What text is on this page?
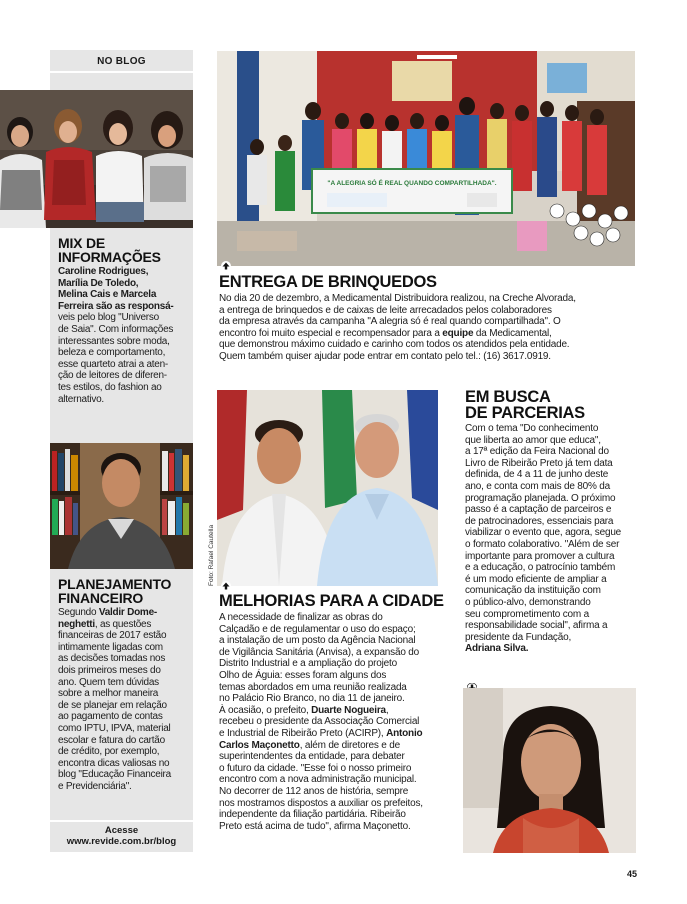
NO BLOG
MIX DE INFORMAÇÕES
Caroline Rodrigues,
Marília De Toledo,
Melina Cais e Marcela
Ferreira são as responsá-
veis pelo blog "Universo
de Saia". Com informações
interessantes sobre moda,
beleza e comportamento,
esse quarteto atrai a aten-
ção de leitores de diferen-
tes estilos, do fashion ao
alternativo.
PLANEJAMENTO FINANCEIRO
Segundo Valdir Dome-
neghetti, as questões
financeiras de 2017 estão
intimamente ligadas com
as decisões tomadas nos
dois primeiros meses do
ano. Quem tem dúvidas
sobre a melhor maneira
de se planejar em relação
ao pagamento de contas
como IPTU, IPVA, material
escolar e fatura do cartão
de crédito, por exemplo,
encontra dicas valiosas no
blog "Educação Financeira
e Previdenciária".
Acesse
www.revide.com.br/blog
"A ALEGRIA SÓ É REAL QUANDO COMPARTILHADA".
ENTREGA DE BRINQUEDOS
No dia 20 de dezembro, a Medicamental Distribuidora realizou, na Creche Alvorada,
a entrega de brinquedos e de caixas de leite arrecadados pelos colaboradores
da empresa através da campanha "A alegria só é real quando compartilhada". O
encontro foi muito especial e recompensador para a equipe da Medicamental,
que demonstrou máximo cuidado e carinho com todos os atendidos pela entidade.
Quem também quiser ajudar pode entrar em contato pelo tel.: (16) 3617.0919.
Foto: Rafael Cautella
MELHORIAS PARA A CIDADE
A necessidade de finalizar as obras do
Calçadão e de regulamentar o uso do espaço;
a instalação de um posto da Agência Nacional
de Vigilância Sanitária (Anvisa), a expansão do
Distrito Industrial e a ampliação do projeto
Olho de Águia: esses foram alguns dos
temas abordados em uma reunião realizada
no Palácio Rio Branco, no dia 11 de janeiro.
À ocasião, o prefeito, Duarte Nogueira,
recebeu o presidente da Associação Comercial
e Industrial de Ribeirão Preto (ACIRP), Antonio
Carlos Maçonetto, além de diretores e de
superintendentes da entidade, para debater
o futuro da cidade. "Esse foi o nosso primeiro
encontro com a nova administração municipal.
No decorrer de 112 anos de história, sempre
nos mostramos dispostos a auxiliar os prefeitos,
independente da filiação partidária. Ribeirão
Preto está acima de tudo", afirma Maçonetto.
EM BUSCA
DE PARCERIAS
Com o tema "Do conhecimento
que liberta ao amor que educa",
a 17ª edição da Feira Nacional do
Livro de Ribeirão Preto já tem data
definida, de 4 a 11 de junho deste
ano, e conta com mais de 80% da
programação planejada. O próximo
passo é a captação de parceiros e
de patrocinadores, essenciais para
viabilizar o evento que, agora, segue
o formato colaborativo. "Além de ser
importante para promover a cultura
e a educação, o patrocínio também
é um modo eficiente de ampliar a
comunicação da instituição com
o público-alvo, demonstrando
seu comprometimento com a
responsabilidade social", afirma a
presidente da Fundação,
Adriana Silva.
45
